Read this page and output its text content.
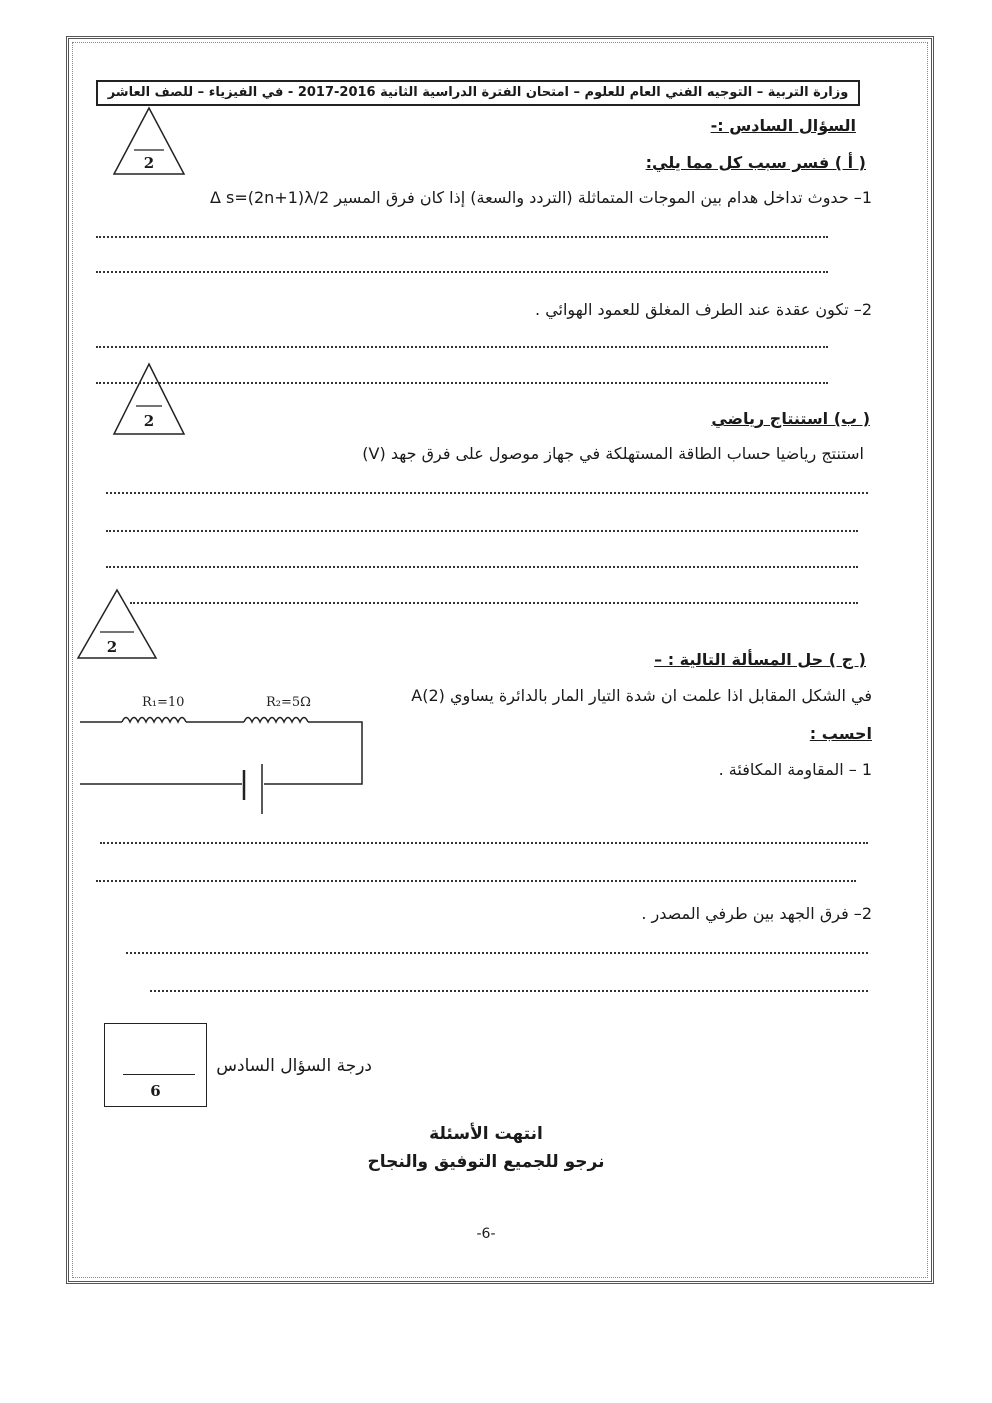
وزارة التربية – التوجيه الفني العام للعلوم – امتحان الفترة الدراسية الثانية 2016-2017 - في الفيزياء – للصف العاشر
السؤال السادس :-
2	( أ ) فسر سبب كل مما يلي:
1– حدوث تداخل هدام بين الموجات المتماثلة (التردد والسعة) إذا كان فرق المسير Δ s=(2n+1)λ/2
2– تكون عقدة عند الطرف المغلق للعمود الهوائي .
2	( ب) استنتاج رياضي
استنتج رياضيا حساب الطاقة المستهلكة في جهاز موصول على فرق جهد (V)
2
( ج ) حل المسألة التالية : –
في الشكل المقابل اذا علمت ان شدة التيار المار بالدائرة يساوي A(2)
احسب :
1 – المقاومة المكافئة .
R₁=10	R₂=5Ω
2– فرق الجهد بين طرفي المصدر .
6
درجة السؤال السادس
انتهت الأسئلة
نرجو للجميع التوفيق والنجاح
-6-
